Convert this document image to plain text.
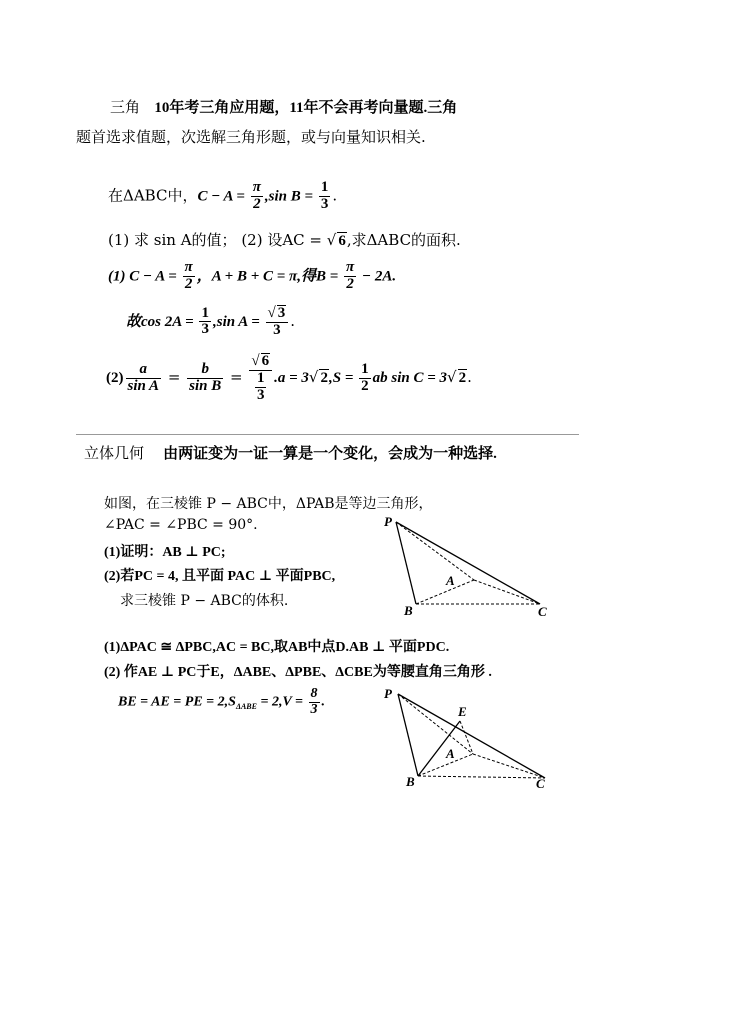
三角 10年考三角应用题，11年不会再考向量题.三角
题首选求值题，次选解三角形题，或与向量知识相关.
在ΔABC中，$C - A = \frac{\pi}{2} ,\sin$ $B = \frac{1}{3}$ .
(1) 求 sin A的值； (2) 设AC = √ 6,求ΔABC的面积.
(1) $C - A = \frac{\pi}{2}$ ，A + B + C = π,得$B = \frac{\pi}{2} - 2A$.
故$\cos 2A = \frac{1}{3} ,\sin$ $A = \frac{√ 3}{3}$ .
$(2) \frac{a}{\text{sin A}} = \frac{b}{\text{sin B}} = \frac{√ 6}{\frac{1}{3}} .a = 3√$ $2,S = \frac{1}{2}$ ab sin C = 3√ 2.
立体几何 由两证变为一证一算是一个变化，会成为一种选择.
如图，在三棱锥 P − ABC中，ΔPAB是等边三角形，
∠PAC = ∠PBC = 90°.
(1)证明：AB ⊥ PC;
(2)若PC = 4, 且平面 PAC ⊥ 平面PBC,
求三棱锥 P − ABC的体积.
P
A
B	C
(1)ΔPAC ≅ ΔPBC,AC = BC,取AB中点D.AB ⊥ 平面PDC.
(2) 作AE ⊥ PC于E，ΔABE、ΔPBE、ΔCBE为等腰直角三角形 .
BE = AE = PE = $2,S_{\Delta ABE} = 2,V = \frac{8}{3}$ .
P
E
A
B	C
